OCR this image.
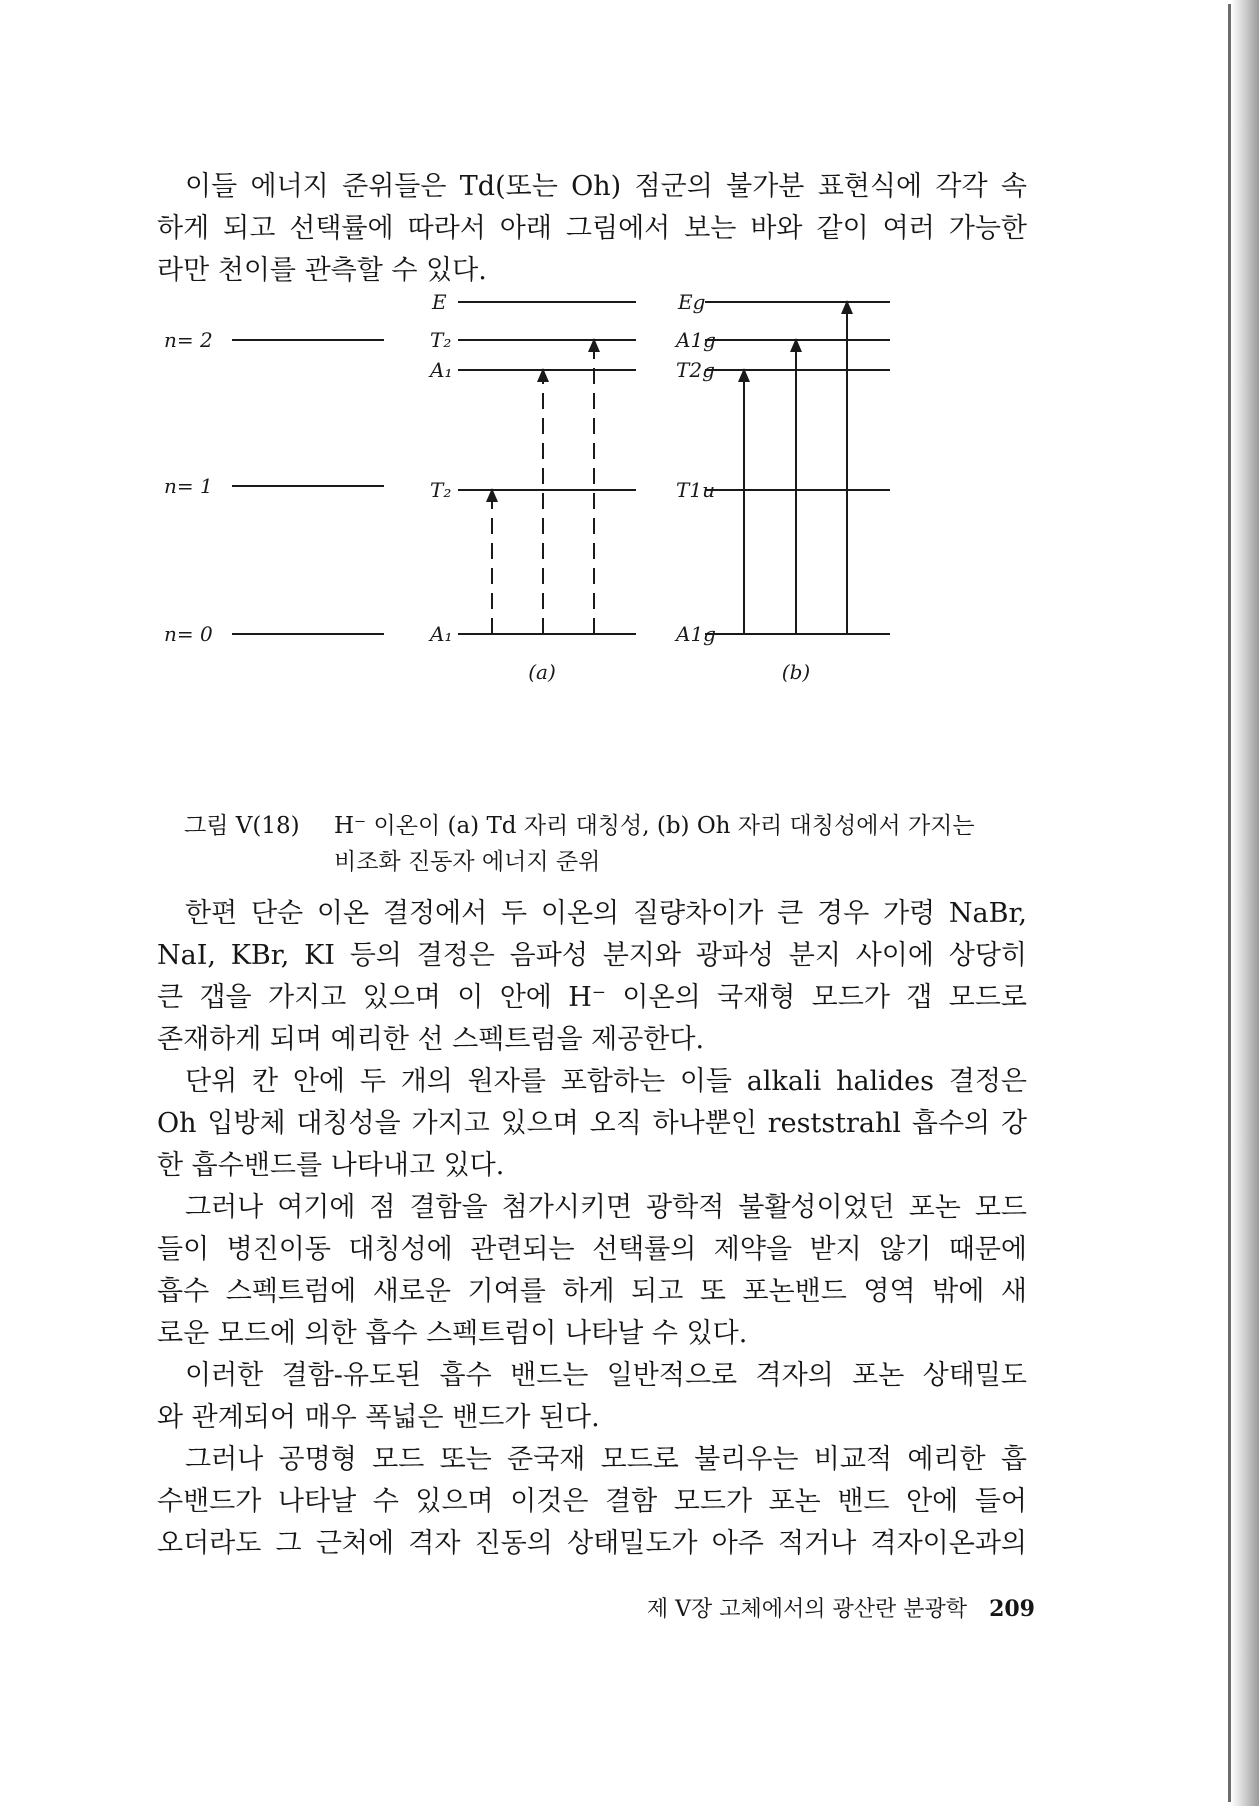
이들 에너지 준위들은 Td(또는 Oh) 점군의 불가분 표현식에 각각 속

하게 되고 선택률에 따라서 아래 그림에서 보는 바와 같이 여러 가능한
라만 천이를 관측할 수 있다.
n= 2
n= 1
n= 0
E
T₂
A₁
T₂
A₁
Eg
A1g
T2g
T1u
A1g
(a)	(b)
그림 V(18) H⁻ 이온이 (a) Td 자리 대칭성, (b) Oh 자리 대칭성에서 가지는
비조화 진동자 에너지 준위
한편 단순 이온 결정에서 두 이온의 질량차이가 큰 경우 가령 NaBr,
NaI, KBr, KI 등의 결정은 음파성 분지와 광파성 분지 사이에 상당히
큰 갭을 가지고 있으며 이 안에 H⁻ 이온의 국재형 모드가 갭 모드로
존재하게 되며 예리한 선 스펙트럼을 제공한다.
단위 칸 안에 두 개의 원자를 포함하는 이들 alkali halides 결정은
Oh 입방체 대칭성을 가지고 있으며 오직 하나뿐인 reststrahl 흡수의 강
한 흡수밴드를 나타내고 있다.
그러나 여기에 점 결함을 첨가시키면 광학적 불활성이었던 포논 모드
들이 병진이동 대칭성에 관련되는 선택률의 제약을 받지 않기 때문에
흡수 스펙트럼에 새로운 기여를 하게 되고 또 포논밴드 영역 밖에 새
로운 모드에 의한 흡수 스펙트럼이 나타날 수 있다.
이러한 결함-유도된 흡수 밴드는 일반적으로 격자의 포논 상태밀도
와 관계되어 매우 폭넓은 밴드가 된다.
그러나 공명형 모드 또는 준국재 모드로 불리우는 비교적 예리한 흡
수밴드가 나타날 수 있으며 이것은 결함 모드가 포논 밴드 안에 들어
오더라도 그 근처에 격자 진동의 상태밀도가 아주 적거나 격자이온과의
제 V장 고체에서의 광산란 분광학 209
